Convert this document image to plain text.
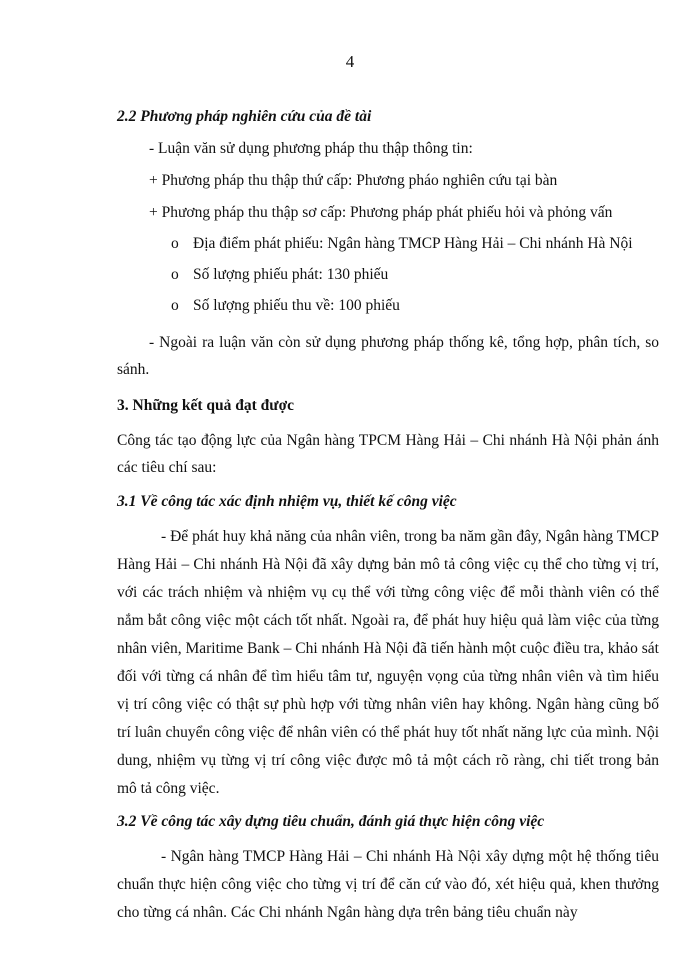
4

2.2 Phương pháp nghiên cứu của đề tài

- Luận văn sử dụng phương pháp thu thập thông tin:

+ Phương pháp thu thập thứ cấp: Phương pháo nghiên cứu tại bàn

+ Phương pháp thu thập sơ cấp: Phương pháp phát phiếu hỏi và phỏng vấn

o Địa điểm phát phiếu: Ngân hàng TMCP Hàng Hải – Chi nhánh Hà Nội
o Số lượng phiếu phát: 130 phiếu
o Số lượng phiếu thu về: 100 phiếu

- Ngoài ra luận văn còn sử dụng phương pháp thống kê, tổng hợp, phân tích, so sánh.

3. Những kết quả đạt được

Công tác tạo động lực của Ngân hàng TPCM Hàng Hải – Chi nhánh Hà Nội phản ánh các tiêu chí sau:

3.1 Về công tác xác định nhiệm vụ, thiết kế công việc

- Để phát huy khả năng của nhân viên, trong ba năm gần đây, Ngân hàng TMCP Hàng Hải – Chi nhánh Hà Nội đã xây dựng bản mô tả công việc cụ thể cho từng vị trí, với các trách nhiệm và nhiệm vụ cụ thể với từng công việc để mỗi thành viên có thể nắm bắt công việc một cách tốt nhất. Ngoài ra, để phát huy hiệu quả làm việc của từng nhân viên, Maritime Bank – Chi nhánh Hà Nội đã tiến hành một cuộc điều tra, khảo sát đối với từng cá nhân để tìm hiểu tâm tư, nguyện vọng của từng nhân viên và tìm hiểu vị trí công việc có thật sự phù hợp với từng nhân viên hay không. Ngân hàng cũng bố trí luân chuyển công việc để nhân viên có thể phát huy tốt nhất năng lực của mình. Nội dung, nhiệm vụ từng vị trí công việc được mô tả một cách rõ ràng, chi tiết trong bản mô tả công việc.

3.2 Về công tác xây dựng tiêu chuẩn, đánh giá thực hiện công việc

- Ngân hàng TMCP Hàng Hải – Chi nhánh Hà Nội xây dựng một hệ thống tiêu chuẩn thực hiện công việc cho từng vị trí để căn cứ vào đó, xét hiệu quả, khen thưởng cho từng cá nhân. Các Chi nhánh Ngân hàng dựa trên bảng tiêu chuẩn này
